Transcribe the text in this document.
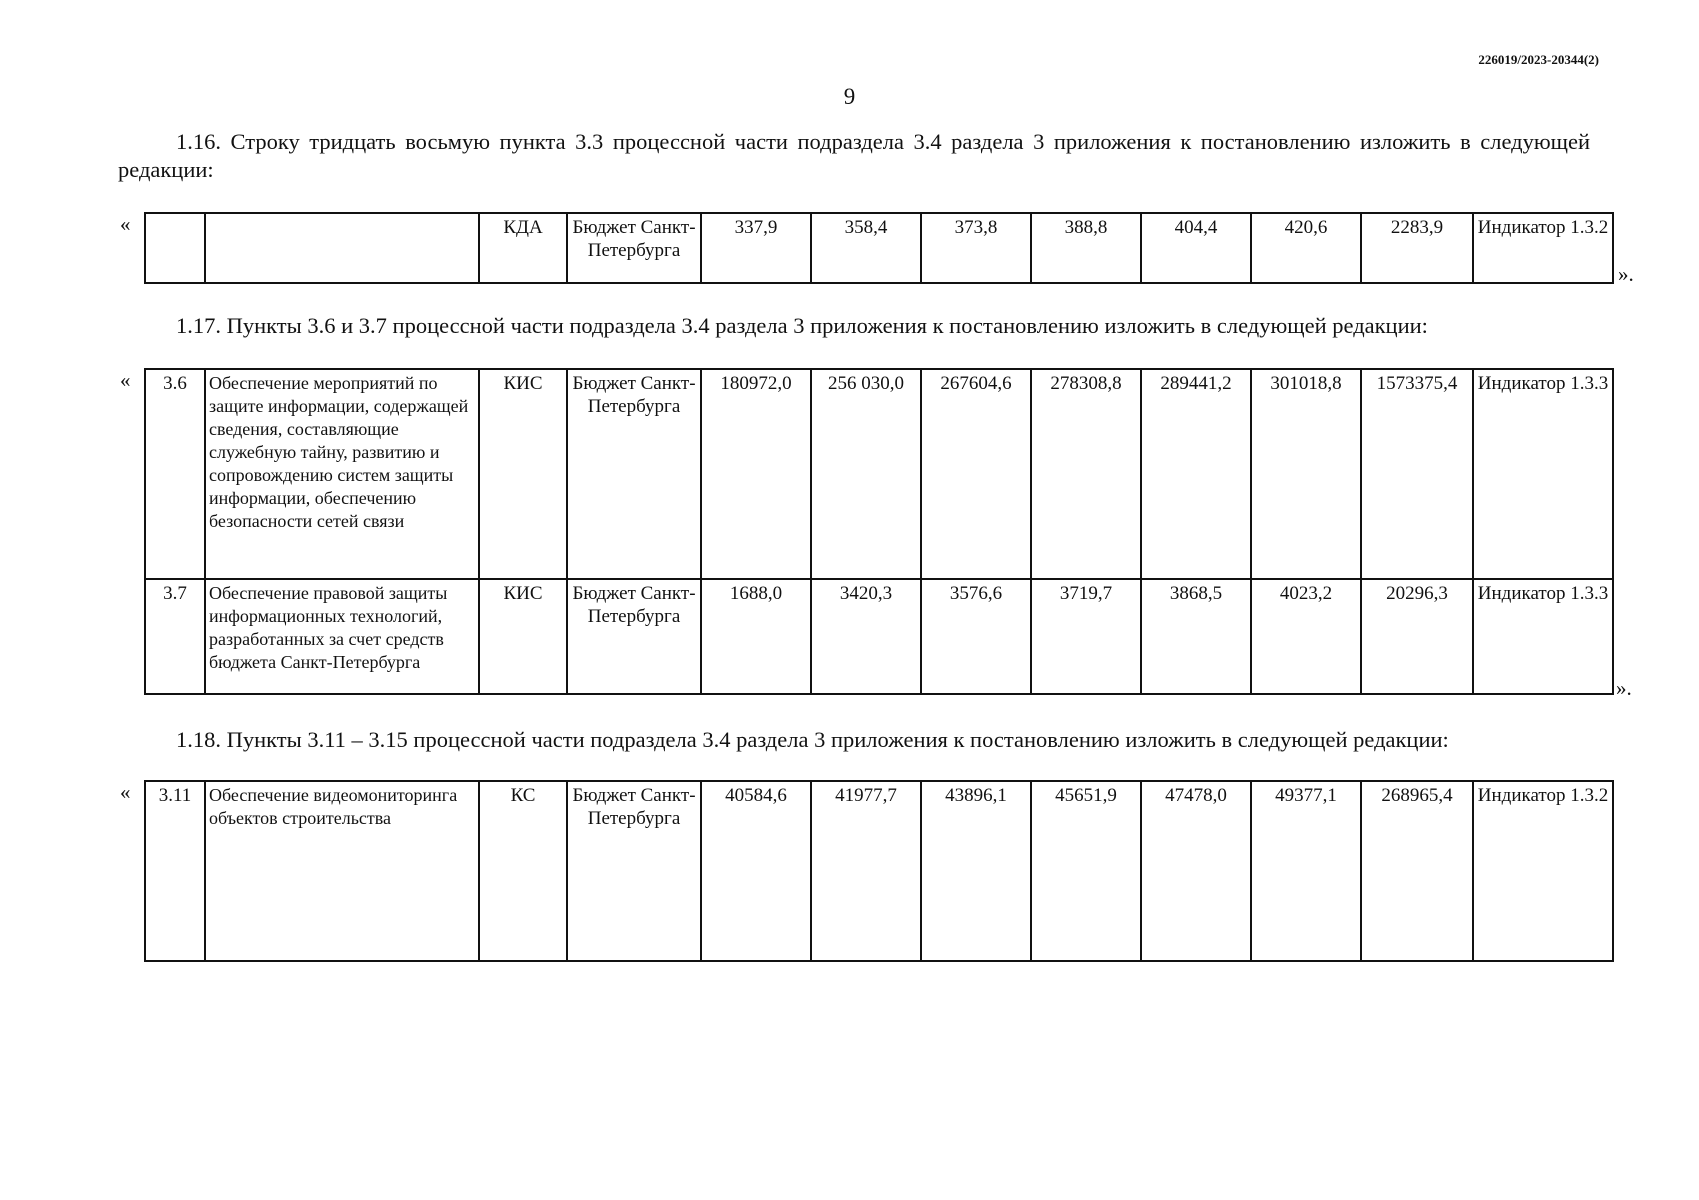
226019/2023-20344(2)
9

1.16. Строку тридцать восьмую пункта 3.3 процессной части подраздела 3.4 раздела 3 приложения к постановлению изложить в следующей редакции:

«
			КДА	Бюджет Санкт-Петербурга	337,9	358,4	373,8	388,8	404,4	420,6	2283,9	Индикатор 1.3.2
».

1.17. Пункты 3.6 и 3.7 процессной части подраздела 3.4 раздела 3 приложения к постановлению изложить в следующей редакции:

« 3.6	Обеспечение мероприятий по защите информации, содержащей сведения, составляющие служебную тайну, развитию и сопровождению систем защиты информации, обеспечению безопасности сетей связи	КИС	Бюджет Санкт-Петербурга	180972,0	256 030,0	267604,6	278308,8	289441,2	301018,8	1573375,4	Индикатор 1.3.3
3.7	Обеспечение правовой защиты информационных технологий, разработанных за счет средств бюджета Санкт-Петербурга	КИС	Бюджет Санкт-Петербурга	1688,0	3420,3	3576,6	3719,7	3868,5	4023,2	20296,3	Индикатор 1.3.3
».

1.18. Пункты 3.11 – 3.15 процессной части подраздела 3.4 раздела 3 приложения к постановлению изложить в следующей редакции:

« 3.11	Обеспечение видеомониторинга объектов строительства	КС	Бюджет Санкт-Петербурга	40584,6	41977,7	43896,1	45651,9	47478,0	49377,1	268965,4	Индикатор 1.3.2
